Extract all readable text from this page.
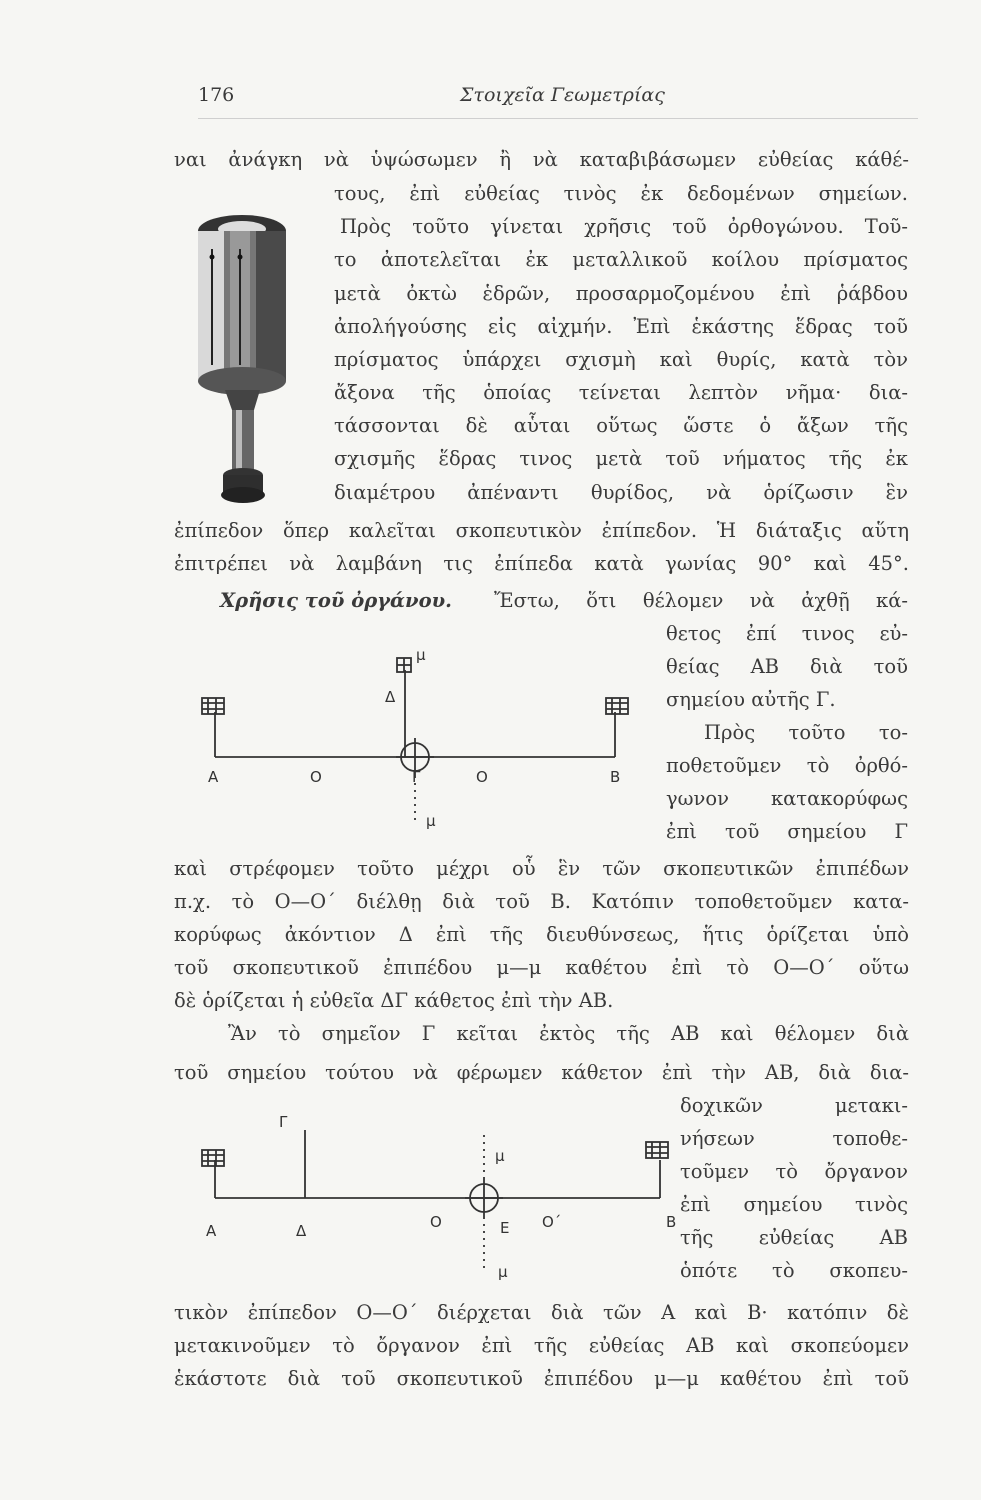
176	Στοιχεῖα Γεωμετρίας
ναι ἀνάγκη νὰ ὑψώσωμεν ἢ νὰ καταβιβάσωμεν εὐθείας κάθέ-
τους, ἐπὶ εὐθείας τινὸς ἐκ δεδομένων σημείων.
Πρὸς τοῦτο γίνεται χρῆσις τοῦ ὀρθογώνου. Τοῦ-
το ἀποτελεῖται ἐκ μεταλλικοῦ κοίλου πρίσματος
μετὰ ὀκτὼ ἑδρῶν, προσαρμοζομένου ἐπὶ ῥάβδου
ἀπολήγούσης εἰς αἰχμήν. Ἐπὶ ἑκάστης ἕδρας τοῦ
πρίσματος ὑπάρχει σχισμὴ καὶ θυρίς, κατὰ τὸν
ἄξονα τῆς ὁποίας τείνεται λεπτὸν νῆμα· δια-
τάσσονται δὲ αὗται οὕτως ὥστε ὁ ἄξων τῆς
σχισμῆς ἕδρας τινος μετὰ τοῦ νήματος τῆς ἐκ
διαμέτρου ἀπέναντι θυρίδος, νὰ ὁρίζωσιν ἓν
ἐπίπεδον ὅπερ καλεῖται σκοπευτικὸν ἐπίπεδον. Ἡ διάταξις αὕτη
ἐπιτρέπει νὰ λαμβάνη τις ἐπίπεδα κατὰ γωνίας 90° καὶ 45°.
Χρῆσις τοῦ ὀργάνου. Ἔστω, ὅτι θέλομεν νὰ ἀχθῇ κά-
θετος ἐπί τινος εὐ-
θείας ΑΒ διὰ τοῦ
σημείου αὐτῆς Γ.
Πρὸς τοῦτο το-
ποθετοῦμεν τὸ ὀρθό-
γωνον κατακορύφως
ἐπὶ τοῦ σημείου Γ
καὶ στρέφομεν τοῦτο μέχρι οὗ ἓν τῶν σκοπευτικῶν ἐπιπέδων
π.χ. τὸ Ο—Ο΄ διέλθῃ διὰ τοῦ Β. Κατόπιν τοποθετοῦμεν κατα-
κορύφως ἀκόντιον Δ ἐπὶ τῆς διευθύνσεως, ἥτις ὁρίζεται ὑπὸ
τοῦ σκοπευτικοῦ ἐπιπέδου μ—μ καθέτου ἐπὶ τὸ Ο—Ο΄ οὕτω
δὲ ὁρίζεται ἡ εὐθεῖα ΔΓ κάθετος ἐπὶ τὴν ΑΒ.
Ἂν τὸ σημεῖον Γ κεῖται ἐκτὸς τῆς ΑΒ καὶ θέλομεν διὰ
τοῦ σημείου τούτου νὰ φέρωμεν κάθετον ἐπὶ τὴν ΑΒ, διὰ δια-
δοχικῶν μετακι-
νήσεων τοποθε-
τοῦμεν τὸ ὄργανον
ἐπὶ σημείου τινὸς
τῆς εὐθείας ΑΒ
ὁπότε τὸ σκοπευ-
τικὸν ἐπίπεδον Ο—Ο΄ διέρχεται διὰ τῶν Α καὶ Β· κατόπιν δὲ
μετακινοῦμεν τὸ ὄργανον ἐπὶ τῆς εὐθείας ΑΒ καὶ σκοπεύομεν
ἑκάστοτε διὰ τοῦ σκοπευτικοῦ ἐπιπέδου μ—μ καθέτου ἐπὶ τοῦ
A	O	Γ	O	B
Δ
μ
μ
Γ
μ
A	Δ	O	E O΄	B
μ
